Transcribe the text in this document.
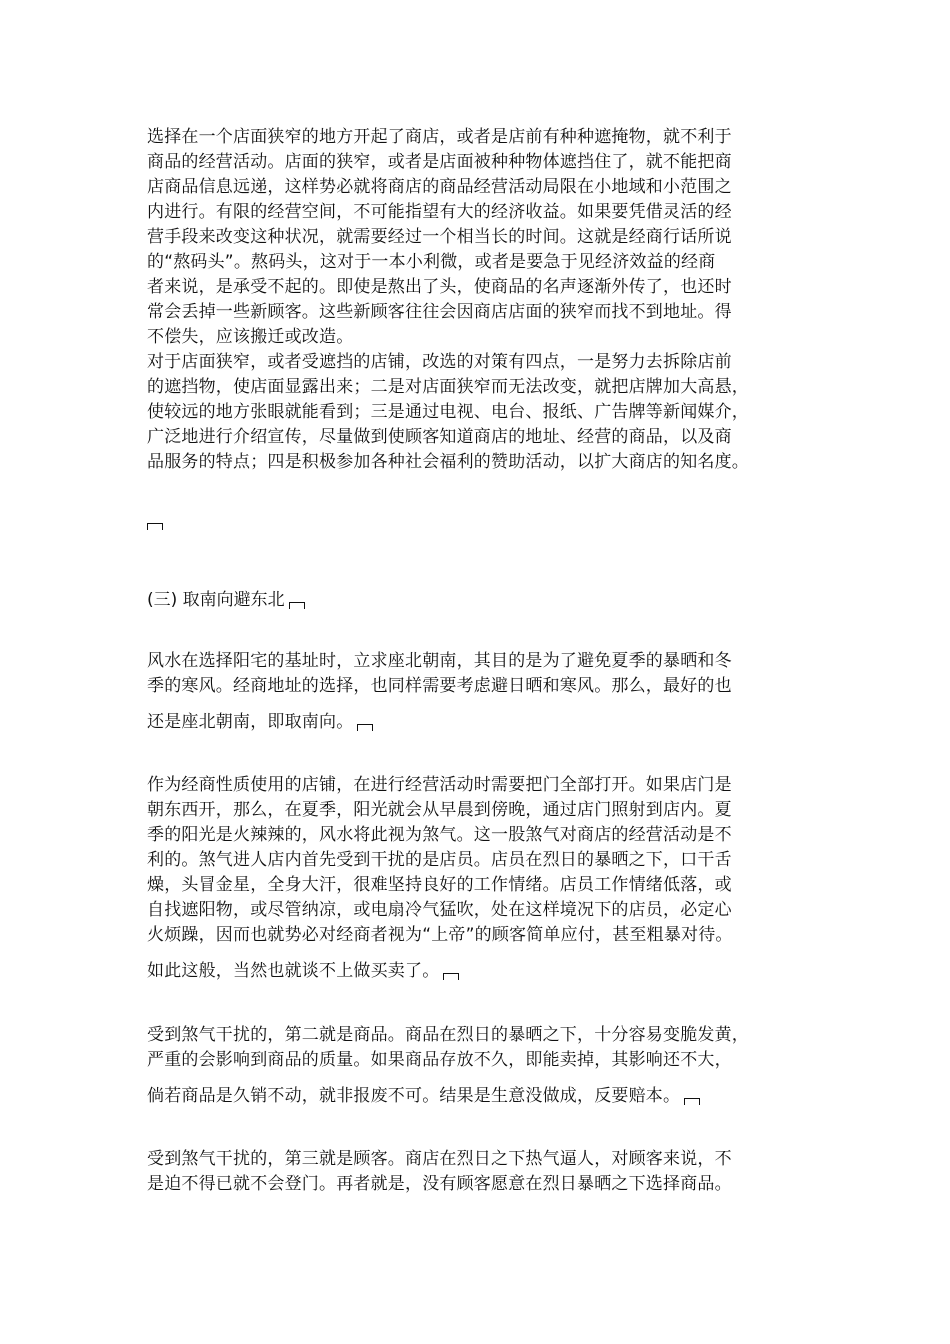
选择在一个店面狭窄的地方开起了商店，或者是店前有种种遮掩物，就不利于
商品的经营活动。店面的狭窄，或者是店面被种种物体遮挡住了，就不能把商
店商品信息远递，这样势必就将商店的商品经营活动局限在小地域和小范围之
内进行。有限的经营空间，不可能指望有大的经济收益。如果要凭借灵活的经
营手段来改变这种状况，就需要经过一个相当长的时间。这就是经商行话所说
的“熬码头”。熬码头，这对于一本小利微，或者是要急于见经济效益的经商
者来说，是承受不起的。即使是熬出了头，使商品的名声逐渐外传了，也还时
常会丢掉一些新顾客。这些新顾客往往会因商店店面的狭窄而找不到地址。得
不偿失，应该搬迁或改造。
对于店面狭窄，或者受遮挡的店铺，改选的对策有四点，一是努力去拆除店前
的遮挡物，使店面显露出来；二是对店面狭窄而无法改变，就把店牌加大高悬，
使较远的地方张眼就能看到；三是通过电视、电台、报纸、广告牌等新闻媒介，
广泛地进行介绍宣传，尽量做到使顾客知道商店的地址、经营的商品，以及商
品服务的特点；四是积极参加各种社会福利的赞助活动，以扩大商店的知名度。

(三) 取南向避东北

风水在选择阳宅的基址时，立求座北朝南，其目的是为了避免夏季的暴晒和冬
季的寒风。经商地址的选择，也同样需要考虑避日晒和寒风。那么，最好的也
还是座北朝南，即取南向。
作为经商性质使用的店铺，在进行经营活动时需要把门全部打开。如果店门是
朝东西开，那么，在夏季，阳光就会从早晨到傍晚，通过店门照射到店内。夏
季的阳光是火辣辣的，风水将此视为煞气。这一股煞气对商店的经营活动是不
利的。煞气进人店内首先受到干扰的是店员。店员在烈日的暴晒之下，口干舌
燥，头冒金星，全身大汗，很难坚持良好的工作情绪。店员工作情绪低落，或
自找遮阳物，或尽管纳凉，或电扇冷气猛吹，处在这样境况下的店员，必定心
火烦躁，因而也就势必对经商者视为“上帝”的顾客简单应付，甚至粗暴对待。
如此这般，当然也就谈不上做买卖了。
受到煞气干扰的，第二就是商品。商品在烈日的暴晒之下，十分容易变脆发黄，
严重的会影响到商品的质量。如果商品存放不久，即能卖掉，其影响还不大，
倘若商品是久销不动，就非报废不可。结果是生意没做成，反要赔本。
受到煞气干扰的，第三就是顾客。商店在烈日之下热气逼人，对顾客来说，不
是迫不得已就不会登门。再者就是，没有顾客愿意在烈日暴晒之下选择商品。
